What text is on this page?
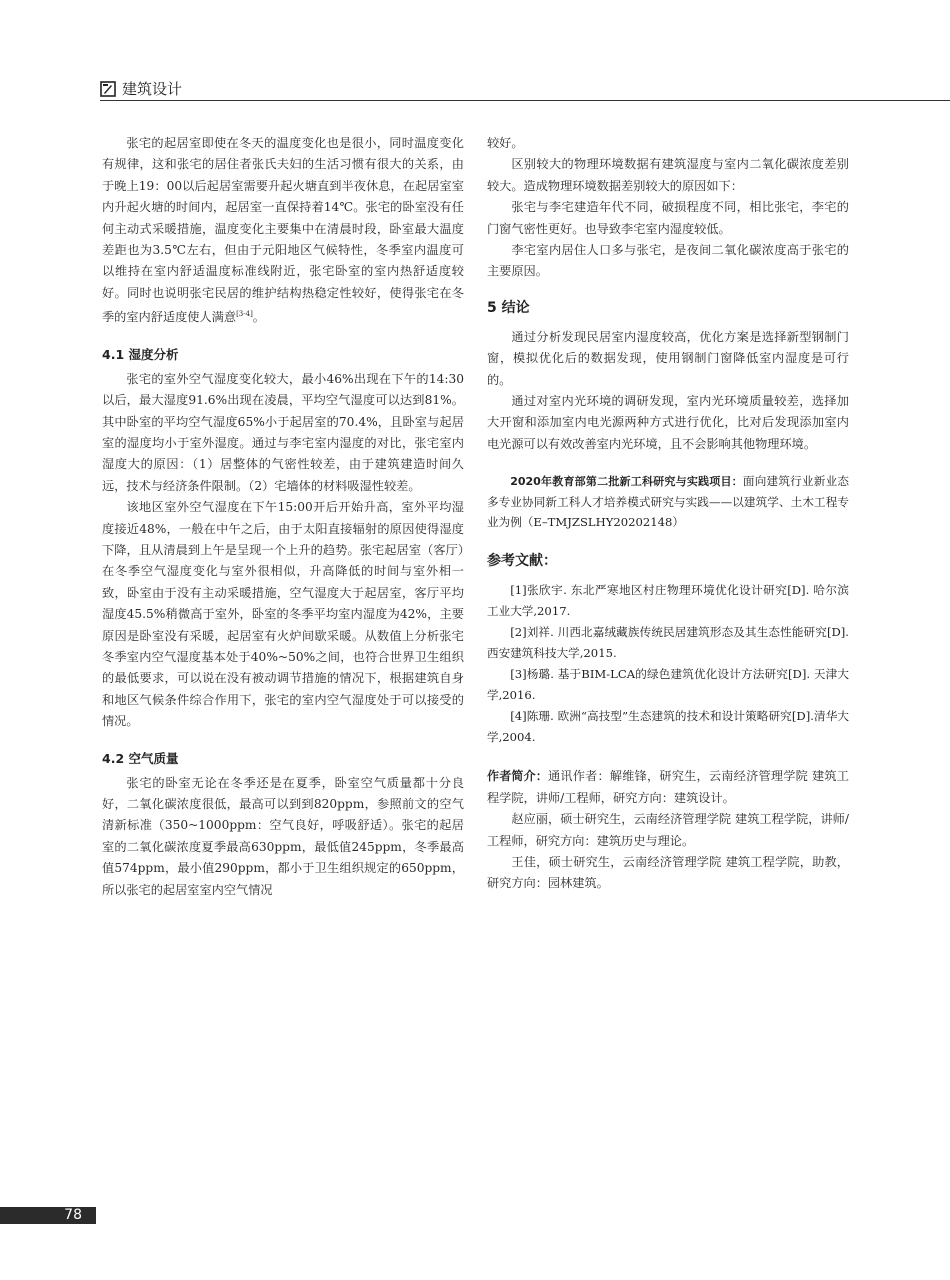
建筑设计

张宅的起居室即使在冬天的温度变化也是很小，同时温度变化有规律，这和张宅的居住者张氏夫妇的生活习惯有很大的关系，由于晚上19：00以后起居室需要升起火塘直到半夜休息，在起居室室内升起火塘的时间内，起居室一直保持着14℃。张宅的卧室没有任何主动式采暖措施，温度变化主要集中在清晨时段，卧室最大温度差距也为3.5℃左右，但由于元阳地区气候特性，冬季室内温度可以维持在室内舒适温度标准线附近，张宅卧室的室内热舒适度较好。同时也说明张宅民居的维护结构热稳定性较好，使得张宅在冬季的室内舒适度使人满意[3-4]。

4.1 湿度分析

张宅的室外空气湿度变化较大，最小46%出现在下午的14:30以后，最大湿度91.6%出现在凌晨，平均空气湿度可以达到81%。其中卧室的平均空气湿度65%小于起居室的70.4%，且卧室与起居室的湿度均小于室外湿度。通过与李宅室内湿度的对比，张宅室内湿度大的原因：（1）居整体的气密性较差，由于建筑建造时间久远，技术与经济条件限制。（2）宅墙体的材料吸湿性较差。

该地区室外空气湿度在下午15:00开后开始升高，室外平均湿度接近48%，一般在中午之后，由于太阳直接辐射的原因使得湿度下降，且从清晨到上午是呈现一个上升的趋势。张宅起居室（客厅）在冬季空气湿度变化与室外很相似，升高降低的时间与室外相一致，卧室由于没有主动采暖措施，空气湿度大于起居室，客厅平均湿度45.5%稍微高于室外，卧室的冬季平均室内湿度为42%，主要原因是卧室没有采暖，起居室有火炉间歇采暖。从数值上分析张宅冬季室内空气湿度基本处于40%~50%之间，也符合世界卫生组织的最低要求，可以说在没有被动调节措施的情况下，根据建筑自身和地区气候条件综合作用下，张宅的室内空气湿度处于可以接受的情况。

4.2 空气质量

张宅的卧室无论在冬季还是在夏季，卧室空气质量都十分良好，二氧化碳浓度很低，最高可以到到820ppm，参照前文的空气清新标准（350~1000ppm：空气良好，呼吸舒适）。张宅的起居室的二氧化碳浓度夏季最高630ppm，最低值245ppm，冬季最高值574ppm，最小值290ppm，都小于卫生组织规定的650ppm，所以张宅的起居室室内空气情况

较好。

区别较大的物理环境数据有建筑湿度与室内二氧化碳浓度差别较大。造成物理环境数据差别较大的原因如下：

张宅与李宅建造年代不同，破损程度不同，相比张宅，李宅的门窗气密性更好。也导致李宅室内湿度较低。

李宅室内居住人口多与张宅，是夜间二氧化碳浓度高于张宅的主要原因。

5 结论

通过分析发现民居室内湿度较高，优化方案是选择新型钢制门窗，模拟优化后的数据发现，使用钢制门窗降低室内湿度是可行的。

通过对室内光环境的调研发现，室内光环境质量较差，选择加大开窗和添加室内电光源两种方式进行优化，比对后发现添加室内电光源可以有效改善室内光环境，且不会影响其他物理环境。

2020年教育部第二批新工科研究与实践项目：面向建筑行业新业态多专业协同新工科人才培养模式研究与实践——以建筑学、土木工程专业为例（E–TMJZSLHY20202148）

参考文献：

[1]张欣宇. 东北严寒地区村庄物理环境优化设计研究[D]. 哈尔滨工业大学,2017.

[2]刘祥. 川西北嘉绒藏族传统民居建筑形态及其生态性能研究[D].西安建筑科技大学,2015.

[3]杨璐. 基于BIM-LCA的绿色建筑优化设计方法研究[D]. 天津大学,2016.

[4]陈珊. 欧洲“高技型”生态建筑的技术和设计策略研究[D].清华大学,2004.

作者简介：通讯作者：解维锋，研究生，云南经济管理学院 建筑工程学院，讲师/工程师，研究方向：建筑设计。

赵应丽，硕士研究生，云南经济管理学院 建筑工程学院，讲师/工程师，研究方向：建筑历史与理论。

王佳，硕士研究生，云南经济管理学院 建筑工程学院，助教，研究方向：园林建筑。

78
